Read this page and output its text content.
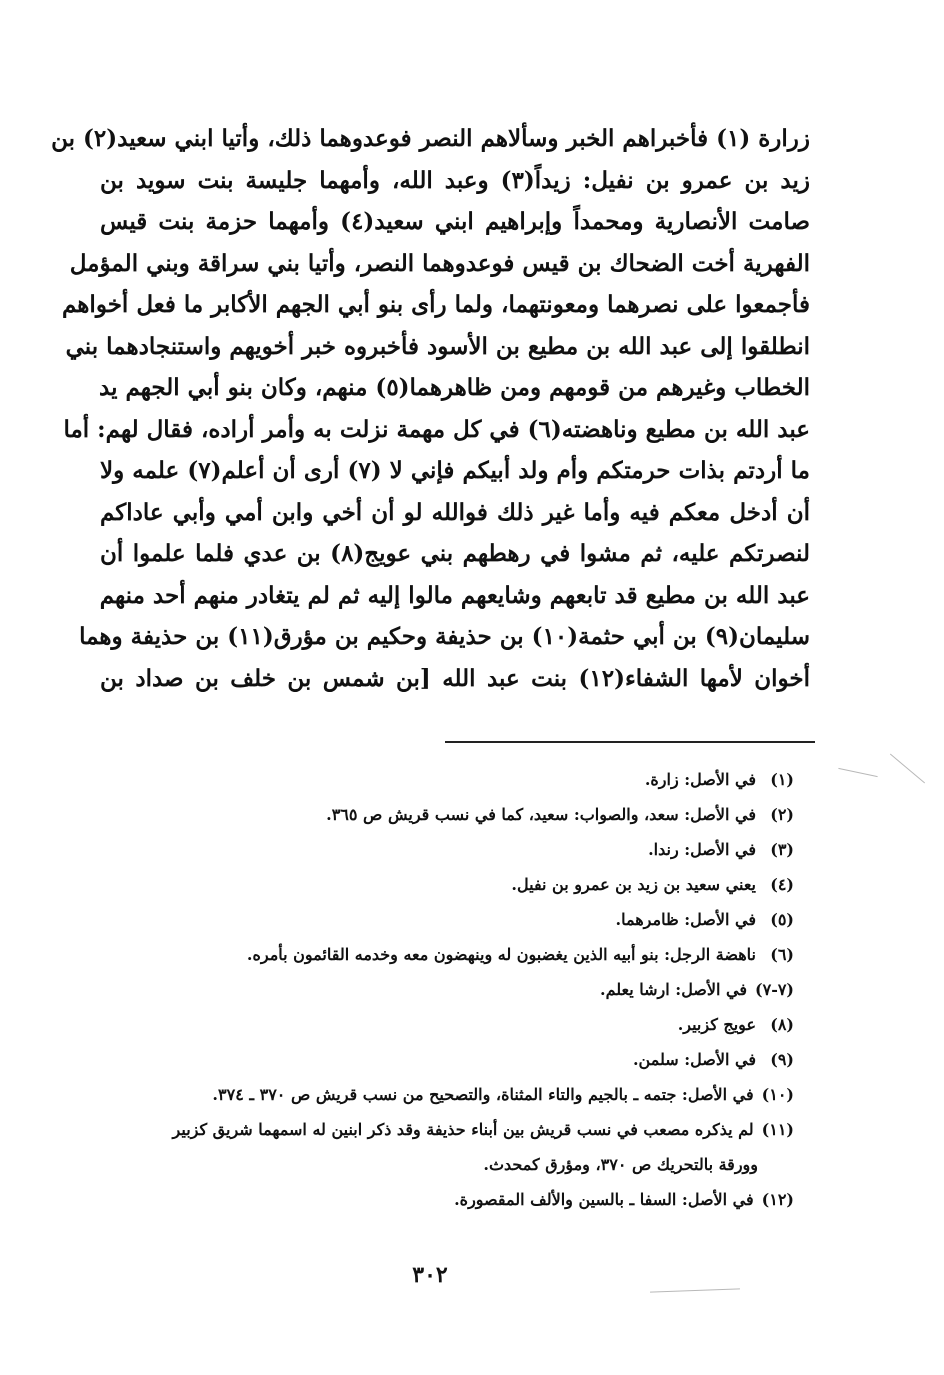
زرارة (١) فأخبراهم الخبر وسألاهم النصر فوعدوهما ذلك، وأتيا ابني سعيد(٢) بن
زيد بن عمرو بن نفيل: زيداً(٣) وعبد الله، وأمهما جليسة بنت سويد بن
صامت الأنصارية ومحمداً وإبراهيم ابني سعيد(٤) وأمهما حزمة بنت قيس
الفهرية أخت الضحاك بن قيس فوعدوهما النصر، وأتيا بني سراقة وبني المؤمل
فأجمعوا على نصرهما ومعونتهما، ولما رأى بنو أبي الجهم الأكابر ما فعل أخواهم
انطلقوا إلى عبد الله بن مطيع بن الأسود فأخبروه خبر أخويهم واستنجادهما بني
الخطاب وغيرهم من قومهم ومن ظاهرهما(٥) منهم، وكان بنو أبي الجهم يد
عبد الله بن مطيع وناهضته(٦) في كل مهمة نزلت به وأمر أراده، فقال لهم: أما
ما أردتم بذات حرمتكم وأم ولد أبيكم فإني لا (٧) أرى أن أعلم(٧) علمه ولا
أن أدخل معكم فيه وأما غير ذلك فوالله لو أن أخي وابن أمي وأبي عاداكم
لنصرتكم عليه، ثم مشوا في رهطهم بني عويج(٨) بن عدي فلما علموا أن
عبد الله بن مطيع قد تابعهم وشايعهم مالوا إليه ثم لم يتغادر منهم أحد منهم
سليمان(٩) بن أبي حثمة(١٠) بن حذيفة وحكيم بن مؤرق(١١) بن حذيفة وهما
أخوان لأمها الشفاء(١٢) بنت عبد الله [بن شمس بن خلف بن صداد بن
(١)في الأصل: زارة.
(٢)في الأصل: سعد، والصواب: سعيد، كما في نسب قريش ص ٣٦٥.
(٣)في الأصل: رندا.
(٤)يعني سعيد بن زيد بن عمرو بن نفيل.
(٥)في الأصل: ظامرهما.
(٦)ناهضة الرجل: بنو أبيه الذين يغضبون له وينهضون معه وخدمه القائمون بأمره.
(٧-٧)في الأصل: ارشا يعلم.
(٨)عويج كزبير.
(٩)في الأصل: سلمن.
(١٠)في الأصل: جتمه ـ بالجيم والتاء المثناة، والتصحيح من نسب قريش ص ٣٧٠ ـ ٣٧٤.
(١١)لم يذكره مصعب في نسب قريش بين أبناء حذيفة وقد ذكر ابنين له اسمهما شريق كزبير
وورقة بالتحريك ص ٣٧٠، ومؤرق كمحدث.
(١٢)في الأصل: السفا ـ بالسين والألف المقصورة.
٣٠٢
